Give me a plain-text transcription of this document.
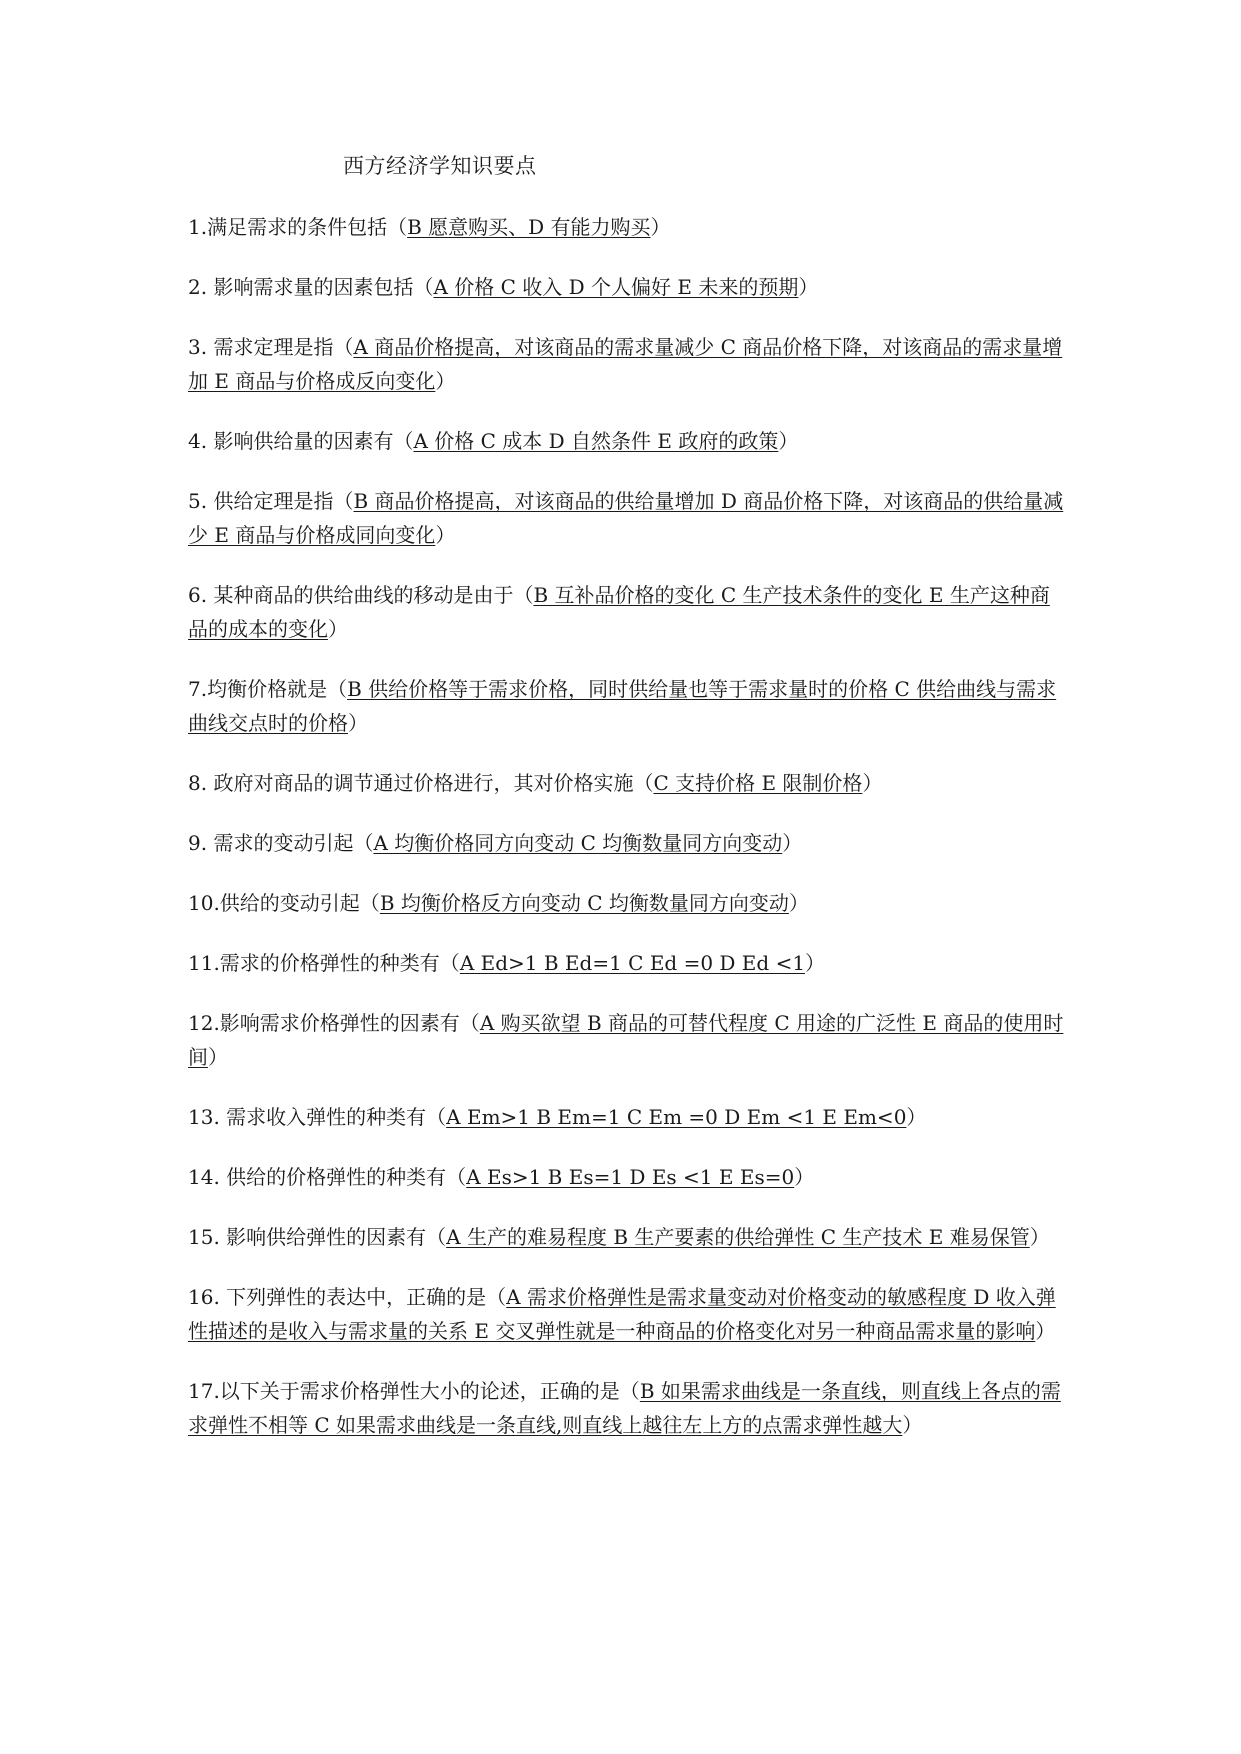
西方经济学知识要点
1.满足需求的条件包括（B 愿意购买、D 有能力购买）
2. 影响需求量的因素包括（A 价格 C 收入 D 个人偏好 E 未来的预期）
3. 需求定理是指（A 商品价格提高，对该商品的需求量减少 C 商品价格下降，对该商品的需求量增加 E 商品与价格成反向变化）
4. 影响供给量的因素有（A 价格 C 成本 D 自然条件 E 政府的政策）
5. 供给定理是指（B 商品价格提高，对该商品的供给量增加 D 商品价格下降，对该商品的供给量减少 E 商品与价格成同向变化）
6. 某种商品的供给曲线的移动是由于（B 互补品价格的变化 C 生产技术条件的变化 E 生产这种商品的成本的变化）
7.均衡价格就是（B 供给价格等于需求价格，同时供给量也等于需求量时的价格 C 供给曲线与需求曲线交点时的价格）
8. 政府对商品的调节通过价格进行，其对价格实施（C 支持价格 E 限制价格）
9. 需求的变动引起（A 均衡价格同方向变动 C 均衡数量同方向变动）
10.供给的变动引起（B 均衡价格反方向变动 C 均衡数量同方向变动）
11.需求的价格弹性的种类有（A Ed>1 B Ed=1 C Ed =0 D Ed <1）
12.影响需求价格弹性的因素有（A 购买欲望 B 商品的可替代程度 C 用途的广泛性 E 商品的使用时间）
13. 需求收入弹性的种类有（A Em>1 B Em=1 C Em =0 D Em <1 E Em<0）
14. 供给的价格弹性的种类有（A Es>1 B Es=1 D Es <1 E Es=0）
15. 影响供给弹性的因素有（A 生产的难易程度 B 生产要素的供给弹性 C 生产技术 E 难易保管）
16. 下列弹性的表达中，正确的是（A 需求价格弹性是需求量变动对价格变动的敏感程度 D 收入弹性描述的是收入与需求量的关系 E 交叉弹性就是一种商品的价格变化对另一种商品需求量的影响）
17.以下关于需求价格弹性大小的论述，正确的是（B 如果需求曲线是一条直线，则直线上各点的需求弹性不相等 C 如果需求曲线是一条直线,则直线上越往左上方的点需求弹性越大）
